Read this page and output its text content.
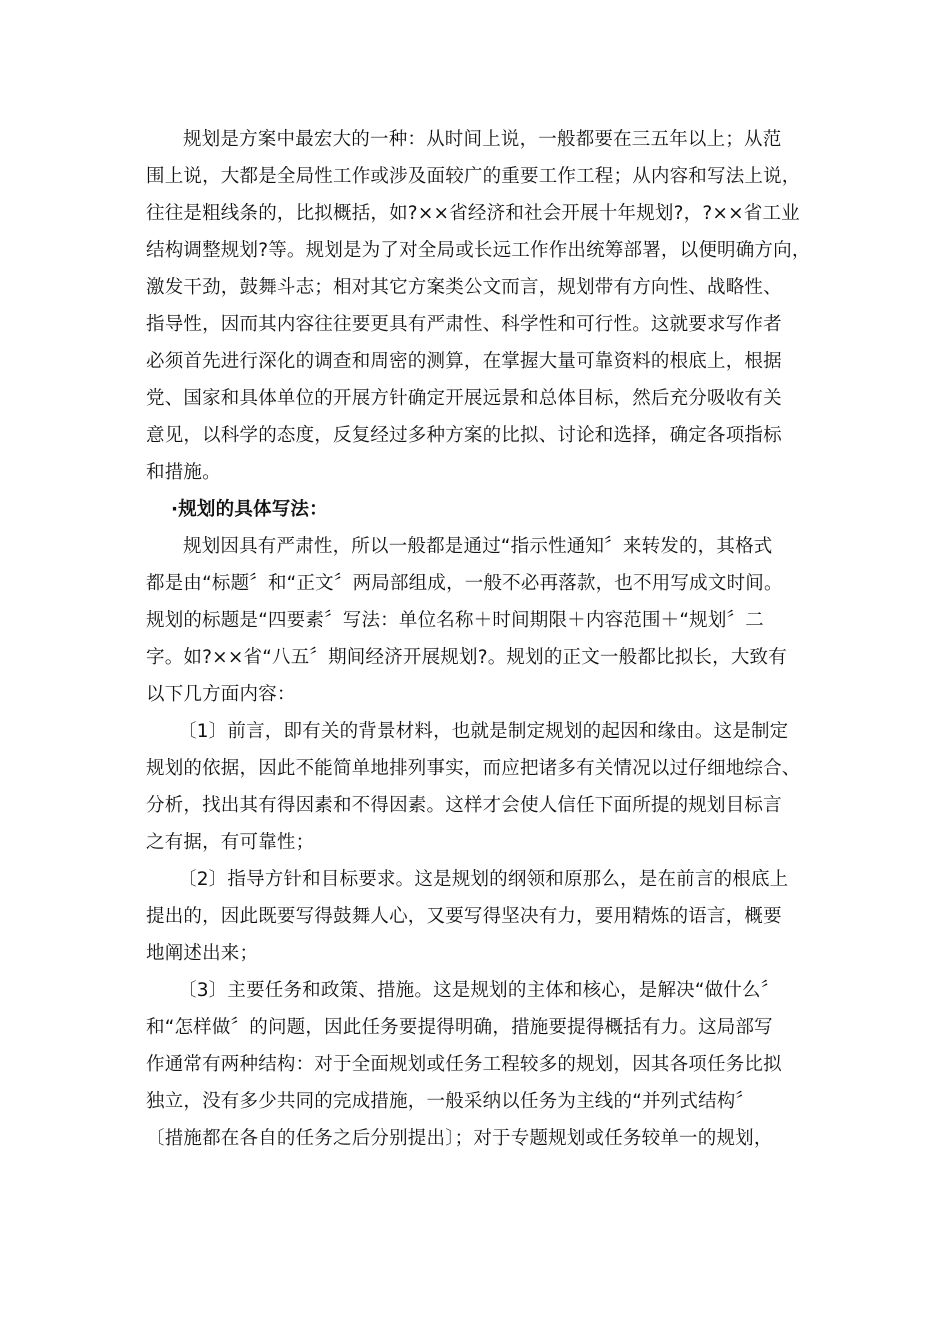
规划是方案中最宏大的一种：从时间上说，一般都要在三五年以上；从范
围上说，大都是全局性工作或涉及面较广的重要工作工程；从内容和写法上说，
往往是粗线条的，比拟概括，如?××省经济和社会开展十年规划?，?××省工业
结构调整规划?等。规划是为了对全局或长远工作作出统筹部署，以便明确方向，
激发干劲，鼓舞斗志；相对其它方案类公文而言，规划带有方向性、战略性、
指导性，因而其内容往往要更具有严肃性、科学性和可行性。这就要求写作者
必须首先进行深化的调查和周密的测算，在掌握大量可靠资料的根底上，根据
党、国家和具体单位的开展方针确定开展远景和总体目标，然后充分吸收有关
意见，以科学的态度，反复经过多种方案的比拟、讨论和选择，确定各项指标
和措施。
·规划的具体写法：
规划因具有严肃性，所以一般都是通过“指示性通知〞来转发的，其格式
都是由“标题〞和“正文〞两局部组成，一般不必再落款，也不用写成文时间。
规划的标题是“四要素〞写法：单位名称＋时间期限＋内容范围＋“规划〞二
字。如?××省“八五〞期间经济开展规划?。规划的正文一般都比拟长，大致有
以下几方面内容：
〔1〕前言，即有关的背景材料，也就是制定规划的起因和缘由。这是制定
规划的依据，因此不能简单地排列事实，而应把诸多有关情况以过仔细地综合、
分析，找出其有得因素和不得因素。这样才会使人信任下面所提的规划目标言
之有据，有可靠性；
〔2〕指导方针和目标要求。这是规划的纲领和原那么，是在前言的根底上
提出的，因此既要写得鼓舞人心，又要写得坚决有力，要用精炼的语言，概要
地阐述出来；
〔3〕主要任务和政策、措施。这是规划的主体和核心，是解决“做什么〞
和“怎样做〞的问题，因此任务要提得明确，措施要提得概括有力。这局部写
作通常有两种结构：对于全面规划或任务工程较多的规划，因其各项任务比拟
独立，没有多少共同的完成措施，一般采纳以任务为主线的“并列式结构〞
〔措施都在各自的任务之后分别提出〕；对于专题规划或任务较单一的规划，
